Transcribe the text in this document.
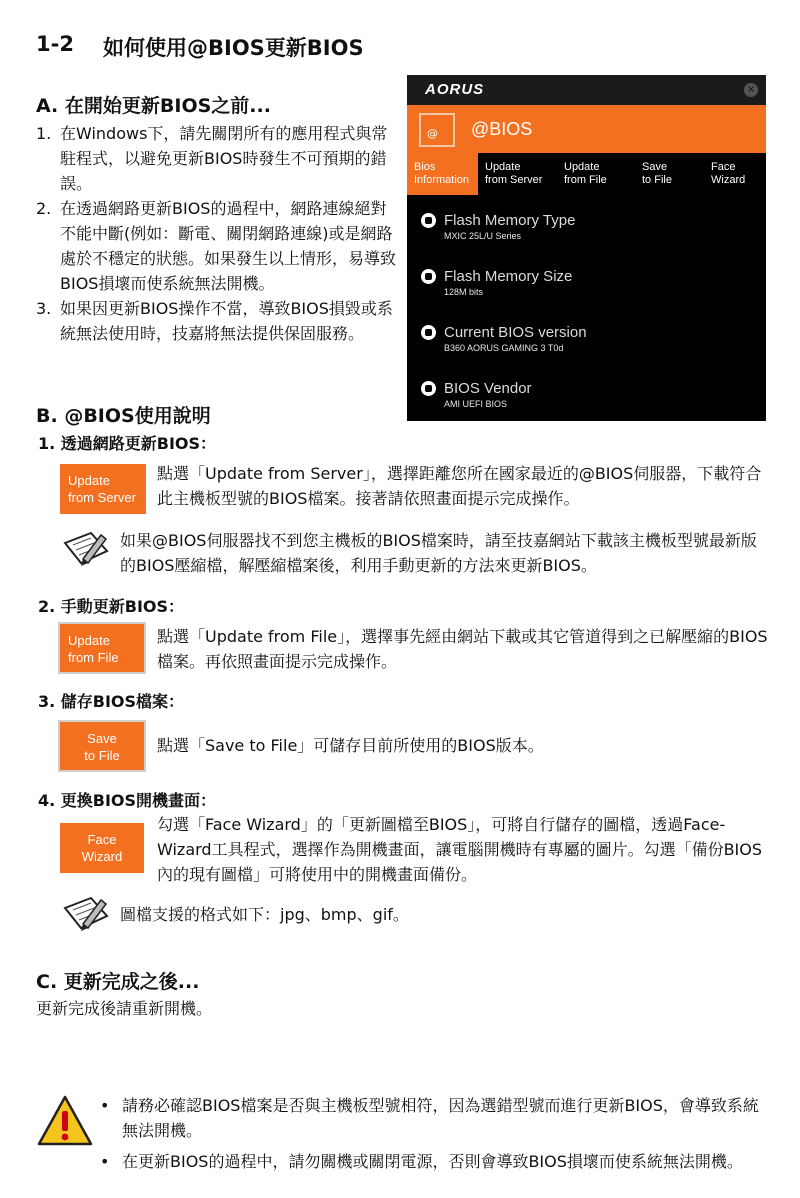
1-2 如何使用@BIOS更新BIOS
A. 在開始更新BIOS之前...
1. 在Windows下，請先關閉所有的應用程式與常駐程式，以避免更新BIOS時發生不可預期的錯誤。
2. 在透過網路更新BIOS的過程中，網路連線絕對不能中斷(例如：斷電、關閉網路連線)或是網路處於不穩定的狀態。如果發生以上情形，易導致BIOS損壞而使系統無法開機。
3. 如果因更新BIOS操作不當，導致BIOS損毀或系統無法使用時，技嘉將無法提供保固服務。
AORUS	×
@ @BIOS
Bios
Information
Update
from Server
Update
from File
Save
to File
Face
Wizard
Flash Memory Type
MXIC 25L/U Series
Flash Memory Size
128M bits
Current BIOS version
B360 AORUS GAMING 3 T0d
BIOS Vendor
AMI UEFI BIOS
B. @BIOS使用說明
1. 透過網路更新BIOS：
Update
from Server
點選「Update from Server」，選擇距離您所在國家最近的@BIOS伺服器，下載符合此主機板型號的BIOS檔案。接著請依照畫面提示完成操作。
如果@BIOS伺服器找不到您主機板的BIOS檔案時，請至技嘉網站下載該主機板型號最新版的BIOS壓縮檔，解壓縮檔案後，利用手動更新的方法來更新BIOS。
2. 手動更新BIOS：
Update
from File
點選「Update from File」，選擇事先經由網站下載或其它管道得到之已解壓縮的BIOS檔案。再依照畫面提示完成操作。
3. 儲存BIOS檔案：
Save
to File
點選「Save to File」可儲存目前所使用的BIOS版本。
4. 更換BIOS開機畫面：
Face
Wizard
勾選「Face Wizard」的「更新圖檔至BIOS」，可將自行儲存的圖檔，透過Face-Wizard工具程式，選擇作為開機畫面，讓電腦開機時有專屬的圖片。勾選「備份BIOS內的現有圖檔」可將使用中的開機畫面備份。
圖檔支援的格式如下：jpg、bmp、gif。
C. 更新完成之後...
更新完成後請重新開機。
• 請務必確認BIOS檔案是否與主機板型號相符，因為選錯型號而進行更新BIOS，會導致系統無法開機。
• 在更新BIOS的過程中，請勿關機或關閉電源，否則會導致BIOS損壞而使系統無法開機。
